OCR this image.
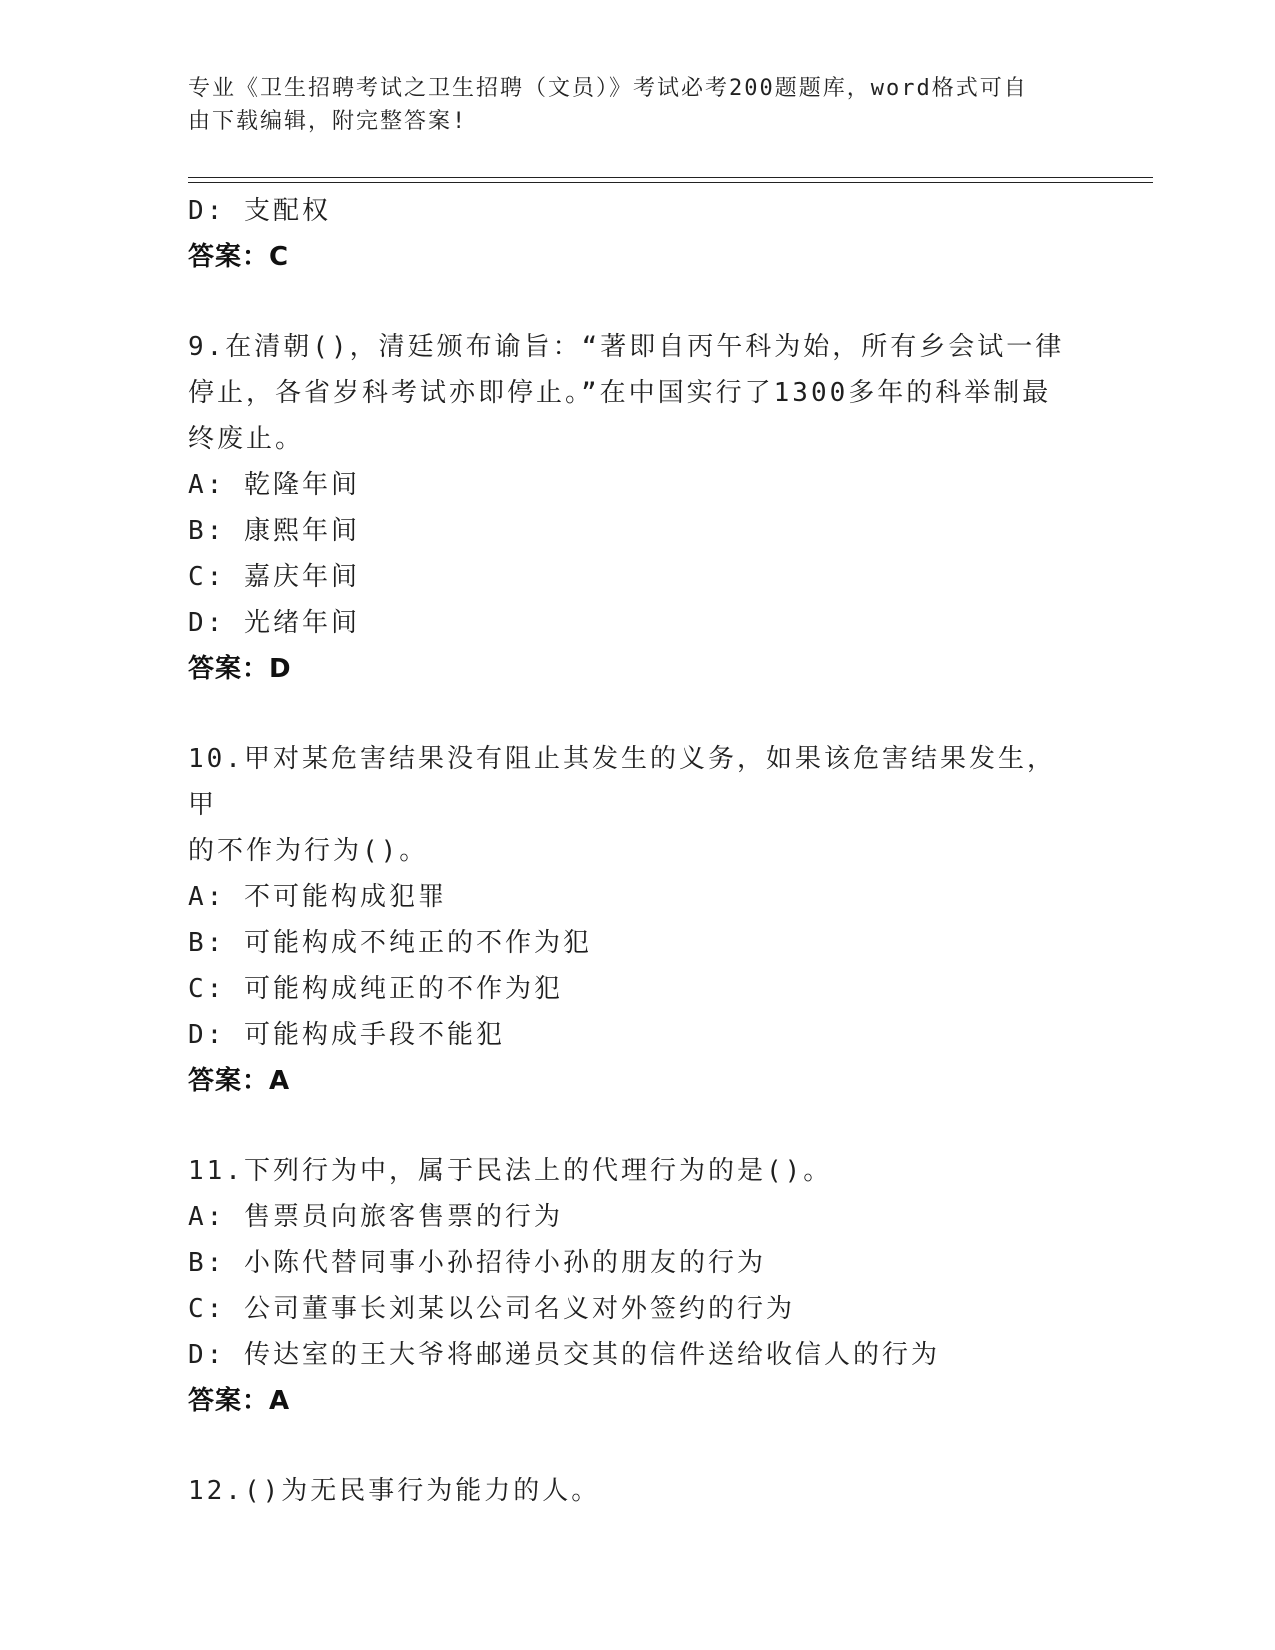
专业《卫生招聘考试之卫生招聘（文员）》考试必考200题题库，word格式可自
由下载编辑，附完整答案!
D: 支配权
答案：C
9.在清朝()，清廷颁布谕旨：“著即自丙午科为始，所有乡会试一律
停止，各省岁科考试亦即停止。”在中国实行了1300多年的科举制最
终废止。
A: 乾隆年间
B: 康熙年间
C: 嘉庆年间
D: 光绪年间
答案：D
10.甲对某危害结果没有阻止其发生的义务，如果该危害结果发生，甲
的不作为行为()。
A: 不可能构成犯罪
B: 可能构成不纯正的不作为犯
C: 可能构成纯正的不作为犯
D: 可能构成手段不能犯
答案：A
11.下列行为中，属于民法上的代理行为的是()。
A: 售票员向旅客售票的行为
B: 小陈代替同事小孙招待小孙的朋友的行为
C: 公司董事长刘某以公司名义对外签约的行为
D: 传达室的王大爷将邮递员交其的信件送给收信人的行为
答案：A
12.()为无民事行为能力的人。
